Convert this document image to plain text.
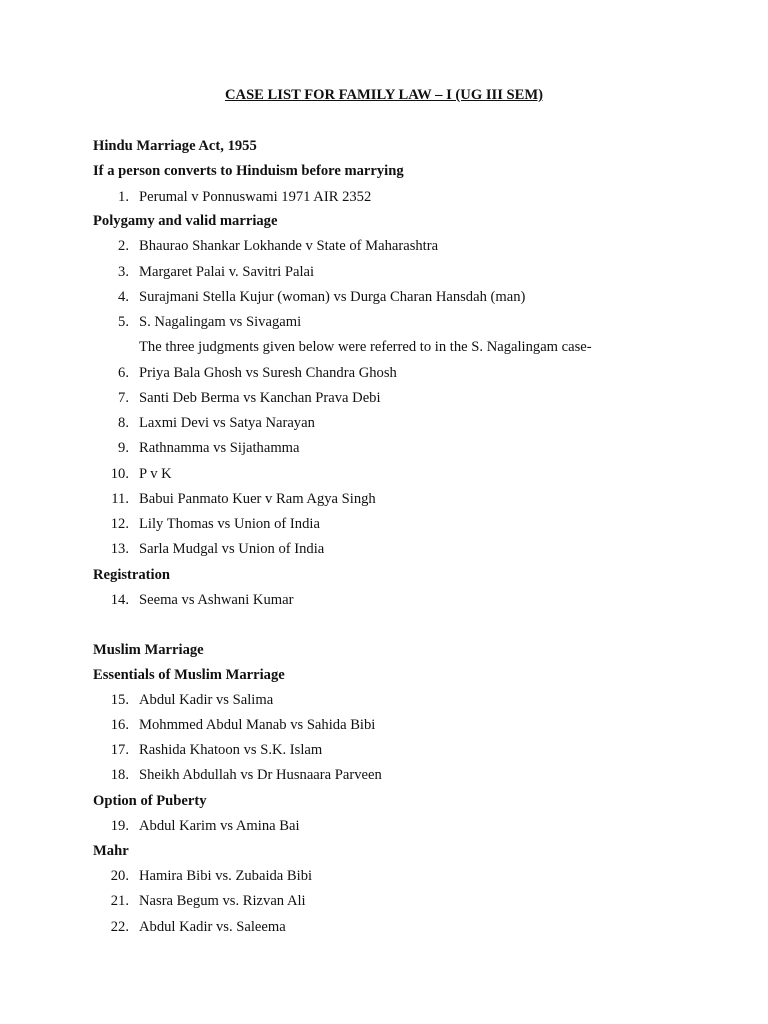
CASE LIST FOR FAMILY LAW – I (UG III SEM)
Hindu Marriage Act, 1955
If a person converts to Hinduism before marrying
1. Perumal v Ponnuswami 1971 AIR 2352
Polygamy and valid marriage
2. Bhaurao Shankar Lokhande v State of Maharashtra
3. Margaret Palai v. Savitri Palai
4. Surajmani Stella Kujur (woman) vs Durga Charan Hansdah (man)
5. S. Nagalingam vs Sivagami
The three judgments given below were referred to in the S. Nagalingam case-
6. Priya Bala Ghosh vs Suresh Chandra Ghosh
7. Santi Deb Berma vs Kanchan Prava Debi
8. Laxmi Devi vs Satya Narayan
9. Rathnamma vs Sijathamma
10. P v K
11. Babui Panmato Kuer v Ram Agya Singh
12. Lily Thomas vs Union of India
13. Sarla Mudgal vs Union of India
Registration
14. Seema vs Ashwani Kumar
Muslim Marriage
Essentials of Muslim Marriage
15. Abdul Kadir vs Salima
16. Mohmmed Abdul Manab vs Sahida Bibi
17. Rashida Khatoon vs S.K. Islam
18. Sheikh Abdullah vs Dr Husnaara Parveen
Option of Puberty
19. Abdul Karim vs Amina Bai
Mahr
20. Hamira Bibi vs. Zubaida Bibi
21. Nasra Begum vs. Rizvan Ali
22. Abdul Kadir vs. Saleema
